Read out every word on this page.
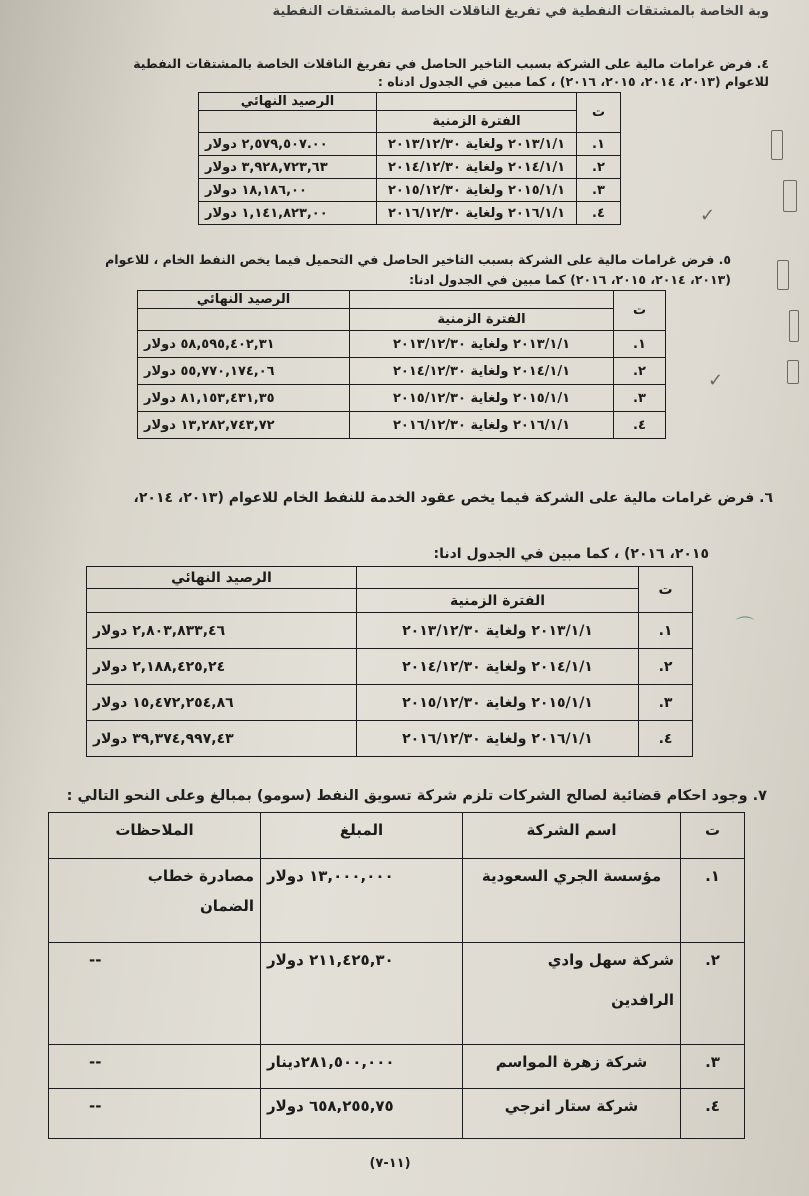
وبة الخاصة بالمشتقات النفطية في تفريغ الناقلات الخاصة بالمشتقات النفطية
٤. فرض غرامات مالية على الشركة بسبب التاخير الحاصل في تفريغ الناقلات الخاصة بالمشتقات النفطية
للاعوام (٢٠١٣، ٢٠١٤، ٢٠١٥، ٢٠١٦) ، كما مبين في الجدول ادناه :
ت		الرصيد النهائي
	الفترة الزمنية	
١.	٢٠١٣/١/١ ولغاية ٢٠١٣/١٢/٣٠	٢,٥٧٩,٥٠٧.٠٠ دولار
٢.	٢٠١٤/١/١ ولغاية ٢٠١٤/١٢/٣٠	٣,٩٢٨,٧٢٣,٦٣ دولار
٣.	٢٠١٥/١/١ ولغاية ٢٠١٥/١٢/٣٠	١٨,١٨٦,٠٠ دولار
٤.	٢٠١٦/١/١ ولغاية ٢٠١٦/١٢/٣٠	١,١٤١,٨٢٣,٠٠ دولار
٥. فرض غرامات مالية على الشركة بسبب التاخير الحاصل في التحميل فيما يخص النفط الخام ، للاعوام
(٢٠١٣، ٢٠١٤، ٢٠١٥، ٢٠١٦) كما مبين في الجدول ادنا:
ت		الرصيد النهائي
	الفترة الزمنية	
١.	٢٠١٣/١/١ ولغاية ٢٠١٣/١٢/٣٠	٥٨,٥٩٥,٤٠٢,٣١ دولار
٢.	٢٠١٤/١/١ ولغاية ٢٠١٤/١٢/٣٠	٥٥,٧٧٠,١٧٤,٠٦ دولار
٣.	٢٠١٥/١/١ ولغاية ٢٠١٥/١٢/٣٠	٨١,١٥٣,٤٣١,٣٥ دولار
٤.	٢٠١٦/١/١ ولغاية ٢٠١٦/١٢/٣٠	١٣,٢٨٢,٧٤٣,٧٢ دولار
٦. فرض غرامات مالية على الشركة فيما يخص عقود الخدمة للنفط الخام للاعوام (٢٠١٣، ٢٠١٤،
٢٠١٥، ٢٠١٦) ، كما مبين في الجدول ادنا:
ت		الرصيد النهائي
	الفترة الزمنية	
١.	٢٠١٣/١/١ ولغاية ٢٠١٣/١٢/٣٠	٢,٨٠٣,٨٣٣,٤٦ دولار
٢.	٢٠١٤/١/١ ولغاية ٢٠١٤/١٢/٣٠	٢,١٨٨,٤٢٥,٢٤ دولار
٣.	٢٠١٥/١/١ ولغاية ٢٠١٥/١٢/٣٠	١٥,٤٧٢,٢٥٤,٨٦ دولار
٤.	٢٠١٦/١/١ ولغاية ٢٠١٦/١٢/٣٠	٣٩,٣٧٤,٩٩٧,٤٣ دولار
٧. وجود احكام قضائية لصالح الشركات تلزم شركة تسويق النفط (سومو) بمبالغ وعلى النحو التالي :
ت	اسم الشركة	المبلغ	الملاحظات
١.	مؤسسة الجري السعودية	١٣,٠٠٠,٠٠٠ دولار	مصادرة خطاب
الضمان

٢.	شركة سهل وادي
الرافدين	٢١١,٤٢٥,٣٠ دولار	--
٣.	شركة زهرة المواسم	٢٨١,٥٠٠,٠٠٠دينار	--
٤.	شركة ستار انرجي	٦٥٨,٢٥٥,٧٥ دولار	--
(١١-٧)
✓
✓
⌒
